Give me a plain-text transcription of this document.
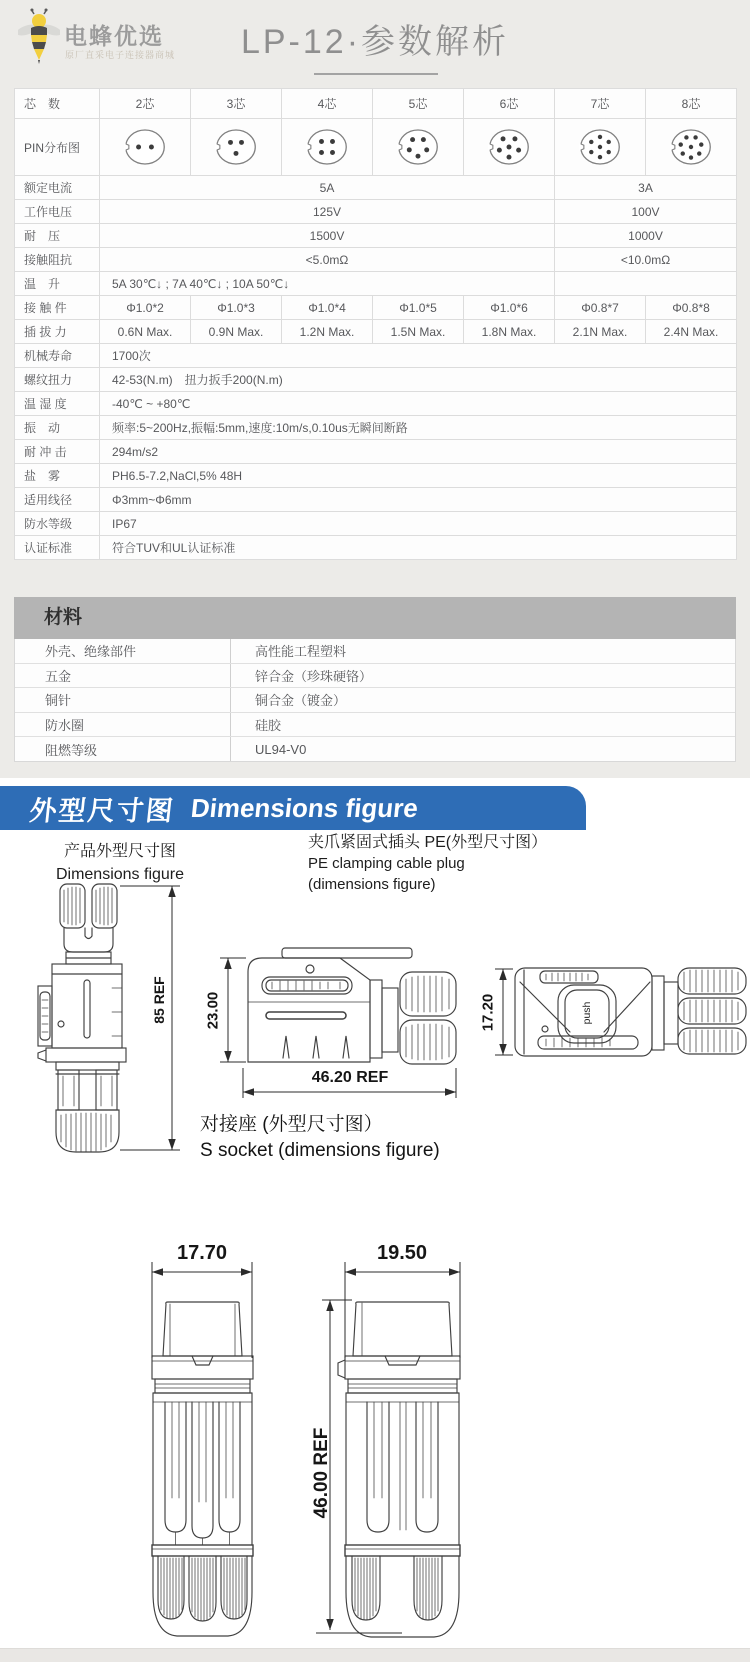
电蜂优选
原厂直采电子连接器商城	LP-12·参数解析
芯　数	2芯	3芯	4芯	5芯	6芯	7芯	8芯
PIN分布图							
额定电流	5A					3A	
工作电压	125V					100V	
耐　压	1500V					1000V	
接触阻抗	<5.0mΩ					<10.0mΩ	
温　升	5A 30℃↓ ; 7A 40℃↓ ; 10A 50℃↓						
接 触 件	Φ1.0*2	Φ1.0*3	Φ1.0*4	Φ1.0*5	Φ1.0*6	Φ0.8*7	Φ0.8*8
插 拔 力	0.6N Max.	0.9N Max.	1.2N Max.	1.5N Max.	1.8N Max.	2.1N Max.	2.4N Max.
机械寿命	1700次						
螺纹扭力	42-53(N.m)　扭力扳手200(N.m)						
温 湿 度	-40℃ ~ +80℃						
振　动	频率:5~200Hz,振幅:5mm,速度:10m/s,0.10us无瞬间断路						
耐 冲 击	294m/s2						
盐　雾	PH6.5-7.2,NaCl,5% 48H						
适用线径	Φ3mm~Φ6mm						
防水等级	IP67						
认证标准	符合TUV和UL认证标准						
材料
外壳、绝缘部件	高性能工程塑料
五金	锌合金（珍珠硬铬）
铜针	铜合金（镀金）
防水圈	硅胶
阻燃等级	UL94-V0
外型尺寸图 Dimensions figure
产品外型尺寸图
Dimensions figure
夹爪紧固式插头 PE(外型尺寸图）
PE clamping cable plug
(dimensions figure)
对接座 (外型尺寸图）
S socket (dimensions figure)
85 REF	23.00
46.20 REF
17.20	push
17.70	19.50
46.00 REF
